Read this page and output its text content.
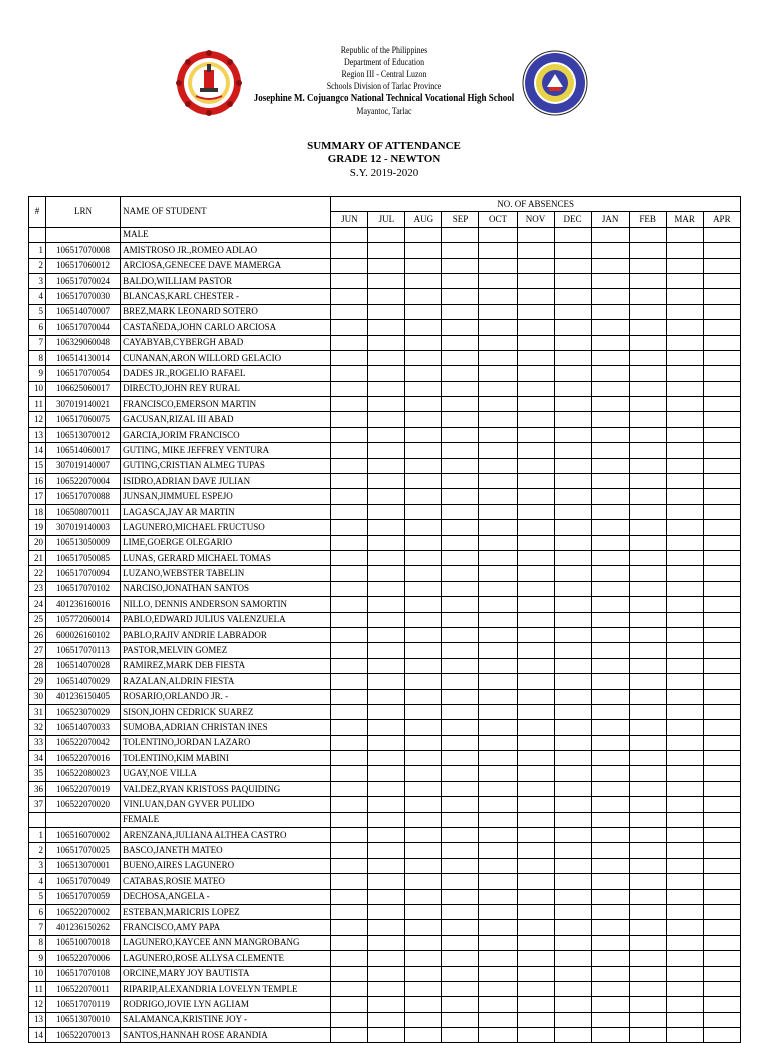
Republic of the Philippines
Department of Education
Region III - Central Luzon
Schools Division of Tarlac Province
Josephine M. Cojuangco National Technical Vocational High School
Mayantoc, Tarlac
SUMMARY OF ATTENDANCE
GRADE 12 - NEWTON
S.Y. 2019-2020
#	LRN	NAME OF STUDENT	NO. OF ABSENCES										
			JUN	JUL	AUG	SEP	OCT	NOV	DEC	JAN	FEB	MAR	APR
		MALE											
1	106517070008	AMISTROSO JR.,ROMEO ADLAO											
2	106517060012	ARCIOSA,GENECEE DAVE MAMERGA											
3	106517070024	BALDO,WILLIAM PASTOR											
4	106517070030	BLANCAS,KARL CHESTER -											
5	106514070007	BREZ,MARK LEONARD SOTERO											
6	106517070044	CASTAÑEDA,JOHN CARLO ARCIOSA											
7	106329060048	CAYABYAB,CYBERGH ABAD											
8	106514130014	CUNANAN,ARON WILLORD GELACIO											
9	106517070054	DADES JR.,ROGELIO RAFAEL											
10	106625060017	DIRECTO,JOHN REY RURAL											
11	307019140021	FRANCISCO,EMERSON MARTIN											
12	106517060075	GACUSAN,RIZAL III ABAD											
13	106513070012	GARCIA,JORIM FRANCISCO											
14	106514060017	GUTING, MIKE JEFFREY VENTURA											
15	307019140007	GUTING,CRISTIAN ALMEG TUPAS											
16	106522070004	ISIDRO,ADRIAN DAVE JULIAN											
17	106517070088	JUNSAN,JIMMUEL ESPEJO											
18	106508070011	LAGASCA,JAY AR MARTIN											
19	307019140003	LAGUNERO,MICHAEL FRUCTUSO											
20	106513050009	LIME,GOERGE OLEGARIO											
21	106517050085	LUNAS, GERARD MICHAEL TOMAS											
22	106517070094	LUZANO,WEBSTER TABELIN											
23	106517070102	NARCISO,JONATHAN SANTOS											
24	401236160016	NILLO, DENNIS ANDERSON SAMORTIN											
25	105772060014	PABLO,EDWARD JULIUS VALENZUELA											
26	600026160102	PABLO,RAJIV ANDRIE LABRADOR											
27	106517070113	PASTOR,MELVIN GOMEZ											
28	106514070028	RAMIREZ,MARK DEB FIESTA											
29	106514070029	RAZALAN,ALDRIN FIESTA											
30	401236150405	ROSARIO,ORLANDO JR. -											
31	106523070029	SISON,JOHN CEDRICK SUAREZ											
32	106514070033	SUMOBA,ADRIAN CHRISTAN INES											
33	106522070042	TOLENTINO,JORDAN LAZARO											
34	106522070016	TOLENTINO,KIM MABINI											
35	106522080023	UGAY,NOE VILLA											
36	106522070019	VALDEZ,RYAN KRISTOSS PAQUIDING											
37	106522070020	VINLUAN,DAN GYVER PULIDO											
		FEMALE											
1	106516070002	ARENZANA,JULIANA ALTHEA CASTRO											
2	106517070025	BASCO,JANETH MATEO											
3	106513070001	BUENO,AIRES LAGUNERO											
4	106517070049	CATABAS,ROSIE MATEO											
5	106517070059	DECHOSA,ANGELA -											
6	106522070002	ESTEBAN,MARICRIS LOPEZ											
7	401236150262	FRANCISCO,AMY PAPA											
8	106510070018	LAGUNERO,KAYCEE ANN MANGROBANG											
9	106522070006	LAGUNERO,ROSE ALLYSA CLEMENTE											
10	106517070108	ORCINE,MARY JOY BAUTISTA											
11	106522070011	RIPARIP,ALEXANDRIA LOVELYN TEMPLE											
12	106517070119	RODRIGO,JOVIE LYN AGLIAM											
13	106513070010	SALAMANCA,KRISTINE JOY -											
14	106522070013	SANTOS,HANNAH ROSE ARANDIA											
